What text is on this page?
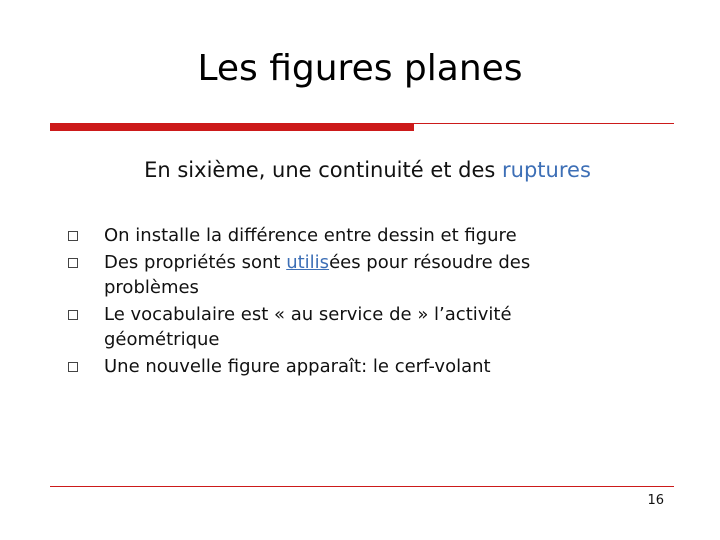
Les figures planes
En sixième, une continuité et des ruptures
On installe la différence entre dessin et figure
Des propriétés sont utilisées pour résoudre des problèmes
Le vocabulaire est « au service de » l’activité géométrique
Une nouvelle figure apparaît: le cerf-volant
16
